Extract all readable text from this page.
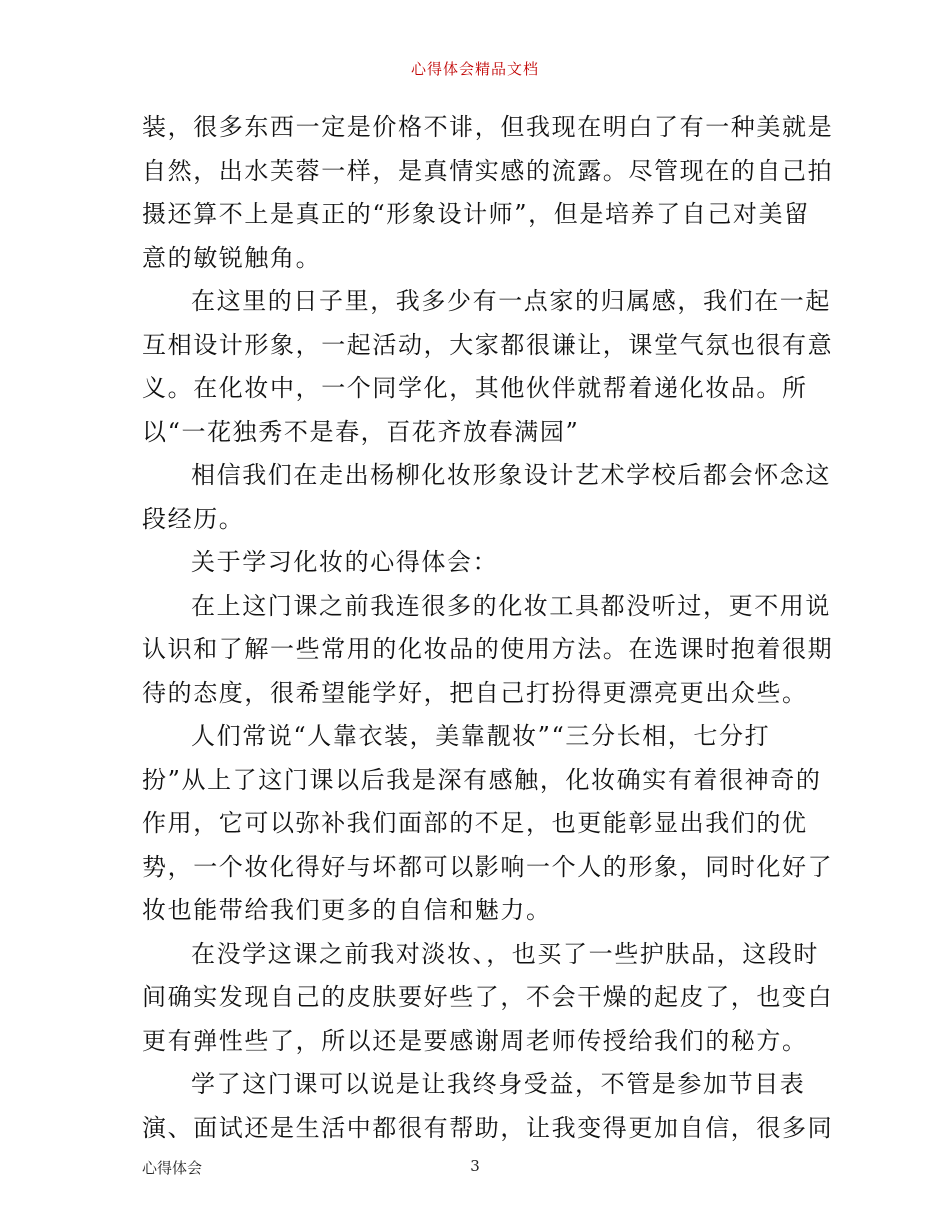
心得体会精品文档
装，很多东西一定是价格不诽，但我现在明白了有一种美就是
自然，出水芙蓉一样，是真情实感的流露。尽管现在的自己拍
摄还算不上是真正的“形象设计师”，但是培养了自己对美留
意的敏锐触角。
在这里的日子里，我多少有一点家的归属感，我们在一起
互相设计形象，一起活动，大家都很谦让，课堂气氛也很有意
义。在化妆中，一个同学化，其他伙伴就帮着递化妆品。所
以“一花独秀不是春，百花齐放春满园”
相信我们在走出杨柳化妆形象设计艺术学校后都会怀念这
段经历。
关于学习化妆的心得体会：
在上这门课之前我连很多的化妆工具都没听过，更不用说
认识和了解一些常用的化妆品的使用方法。在选课时抱着很期
待的态度，很希望能学好，把自己打扮得更漂亮更出众些。
人们常说“人靠衣装，美靠靓妆”“三分长相，七分打
扮”从上了这门课以后我是深有感触，化妆确实有着很神奇的
作用，它可以弥补我们面部的不足，也更能彰显出我们的优
势，一个妆化得好与坏都可以影响一个人的形象，同时化好了
妆也能带给我们更多的自信和魅力。
在没学这课之前我对淡妆、，也买了一些护肤品，这段时
间确实发现自己的皮肤要好些了，不会干燥的起皮了，也变白
更有弹性些了，所以还是要感谢周老师传授给我们的秘方。
学了这门课可以说是让我终身受益，不管是参加节目表
演、面试还是生活中都很有帮助，让我变得更加自信，很多同
心得体会	3
